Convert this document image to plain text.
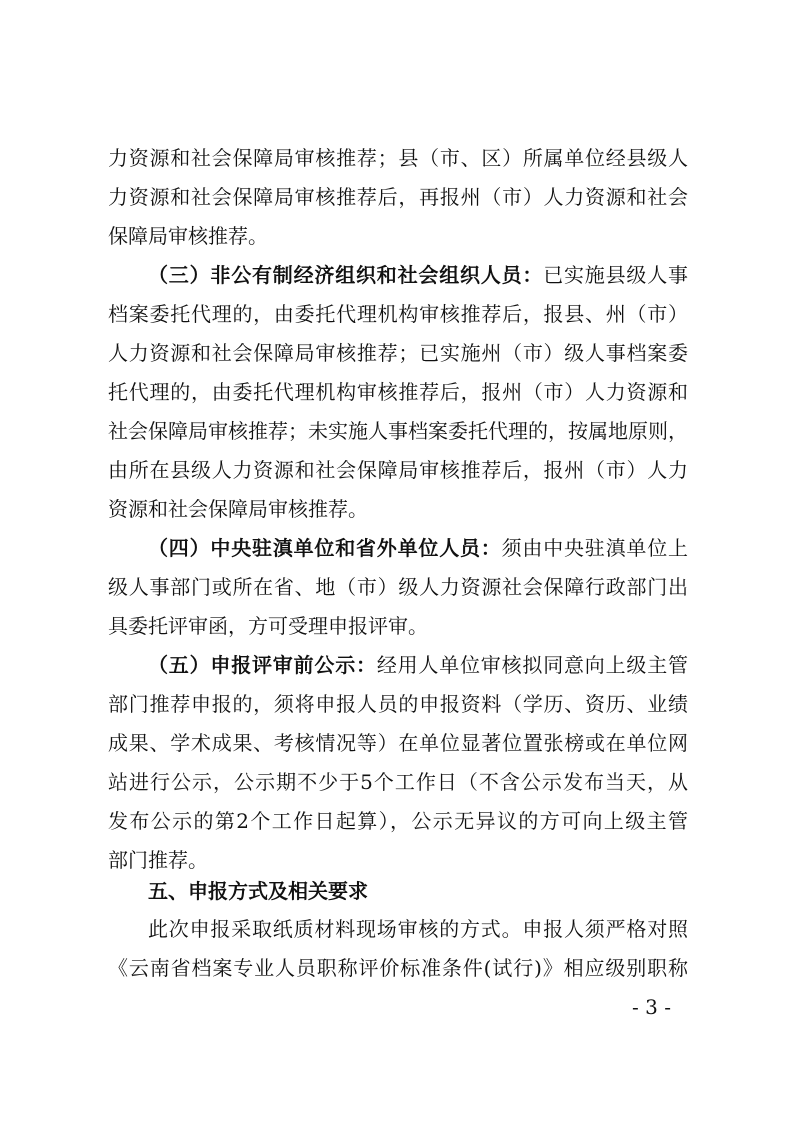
力资源和社会保障局审核推荐；县（市、区）所属单位经县级人
力资源和社会保障局审核推荐后，再报州（市）人力资源和社会
保障局审核推荐。
（三）非公有制经济组织和社会组织人员：已实施县级人事
档案委托代理的，由委托代理机构审核推荐后，报县、州（市）
人力资源和社会保障局审核推荐；已实施州（市）级人事档案委
托代理的，由委托代理机构审核推荐后，报州（市）人力资源和
社会保障局审核推荐；未实施人事档案委托代理的，按属地原则，
由所在县级人力资源和社会保障局审核推荐后，报州（市）人力
资源和社会保障局审核推荐。
（四）中央驻滇单位和省外单位人员：须由中央驻滇单位上
级人事部门或所在省、地（市）级人力资源社会保障行政部门出
具委托评审函，方可受理申报评审。
（五）申报评审前公示：经用人单位审核拟同意向上级主管
部门推荐申报的，须将申报人员的申报资料（学历、资历、业绩
成果、学术成果、考核情况等）在单位显著位置张榜或在单位网
站进行公示，公示期不少于5个工作日（不含公示发布当天，从
发布公示的第2个工作日起算），公示无异议的方可向上级主管
部门推荐。
五、申报方式及相关要求
此次申报采取纸质材料现场审核的方式。申报人须严格对照
《云南省档案专业人员职称评价标准条件(试行)》相应级别职称
- 3 -
